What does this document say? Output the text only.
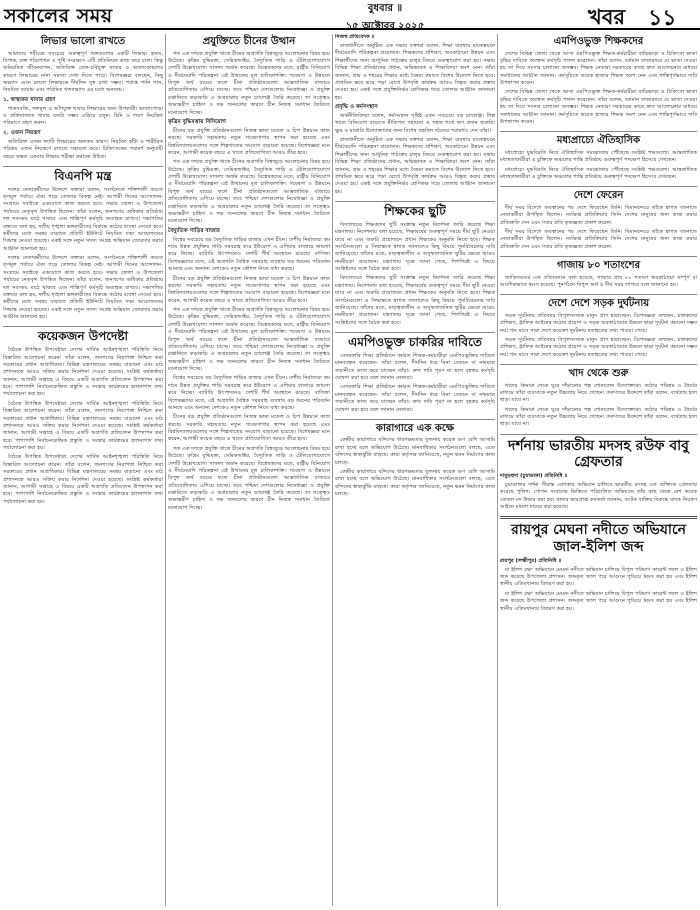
সকালের সময়	বুধবার ॥
১৫ অক্টোবর ২০২৫	খবর ১১
লিভার ভালো রাখতে

আমাদের শরীরের সবচেয়ে গুরুত্বপূর্ণ অঙ্গগুলোর একটি লিভার। হজম, বিপাক, রক্ত পরিশোধন ও পুষ্টি সংরক্ষণে এটি প্রতিনিয়ত কাজ করে চলে। কিন্তু অনিয়মিত জীবনযাপন, অতিরিক্ত তেল-চর্বিযুক্ত খাবার ও অ্যালকোহলের কারণে লিভারের নানা সমস্যা দেখা দিতে পারে। বিশেষজ্ঞরা বলছেন, কিছু অভ্যাস মেনে চললে লিভারকে দীর্ঘদিন সুস্থ রাখা সম্ভব। পর্যাপ্ত পানি পান, নিয়মিত ব্যায়াম এবং পরিমিত খাদ্যাভ্যাস এর মধ্যে অন্যতম।

১. স্বাস্থ্যকর খাবার গ্রহণ

শাকসবজি, ফলমূল ও আঁশযুক্ত খাবার লিভারের জন্য উপকারী। ভাজাপোড়া ও প্রক্রিয়াজাত খাবার যতটা সম্ভব এড়িয়ে চলুন। চিনি ও লবণ নিয়ন্ত্রিত পরিমাণে গ্রহণ করুন।

২. ওজন নিয়ন্ত্রণ

অতিরিক্ত ওজন ফ্যাটি লিভারের অন্যতম কারণ। নিয়মিত হাঁটা ও শারীরিক পরিশ্রম ওজন নিয়ন্ত্রণে রাখতে সহায়তা করে। চিকিৎসকের পরামর্শ অনুযায়ী বছরে অন্তত একবার লিভার পরীক্ষা করানো উচিত।

বিএনপি মন্ত্র

দলের নেতাকর্মীদের উদ্দেশে বক্তারা বলেন, সংগঠনকে শক্তিশালী করতে তৃণমূল পর্যায়ে ঐক্য গড়ে তোলার বিকল্প নেই। আগামী দিনের আন্দোলন-সংগ্রামে সবাইকে একযোগে কাজ করতে হবে। সভায় জেলা ও উপজেলা পর্যায়ের নেতৃবৃন্দ উপস্থিত ছিলেন। তাঁরা বলেন, জনগণের অধিকার প্রতিষ্ঠায় দল সবসময় মাঠে থাকবে এবং শান্তিপূর্ণ কর্মসূচি অব্যাহত রাখবে। সভাপতির বক্তব্যে বলা হয়, দলীয় শৃঙ্খলা ভঙ্গকারীদের বিরুদ্ধে কঠোর ব্যবস্থা নেওয়া হবে। কর্মীদের মধ্যে সমন্বয় বাড়াতে প্রতিটি ইউনিটে নিয়মিত সভা আয়োজনের সিদ্ধান্ত নেওয়া হয়েছে। একই সঙ্গে নতুন সদস্য সংগ্রহ অভিযান জোরদার করার আহ্বান জানানো হয়।

দলের নেতাকর্মীদের উদ্দেশে বক্তারা বলেন, সংগঠনকে শক্তিশালী করতে তৃণমূল পর্যায়ে ঐক্য গড়ে তোলার বিকল্প নেই। আগামী দিনের আন্দোলন-সংগ্রামে সবাইকে একযোগে কাজ করতে হবে। সভায় জেলা ও উপজেলা পর্যায়ের নেতৃবৃন্দ উপস্থিত ছিলেন। তাঁরা বলেন, জনগণের অধিকার প্রতিষ্ঠায় দল সবসময় মাঠে থাকবে এবং শান্তিপূর্ণ কর্মসূচি অব্যাহত রাখবে। সভাপতির বক্তব্যে বলা হয়, দলীয় শৃঙ্খলা ভঙ্গকারীদের বিরুদ্ধে কঠোর ব্যবস্থা নেওয়া হবে। কর্মীদের মধ্যে সমন্বয় বাড়াতে প্রতিটি ইউনিটে নিয়মিত সভা আয়োজনের সিদ্ধান্ত নেওয়া হয়েছে। একই সঙ্গে নতুন সদস্য সংগ্রহ অভিযান জোরদার করার আহ্বান জানানো হয়।

কয়েকজন উপদেষ্টা

বৈঠকে উপস্থিত উপদেষ্টারা দেশের সার্বিক আইনশৃঙ্খলা পরিস্থিতি নিয়ে বিস্তারিত আলোচনা করেন। তাঁরা বলেন, জনগণের নিরাপত্তা নিশ্চিত করা সরকারের প্রধান অগ্রাধিকার। বিভিন্ন মন্ত্রণালয়ের সমন্বয় বাড়ানো এবং মাঠ প্রশাসনকে আরও সক্রিয় করার নির্দেশনা দেওয়া হয়েছে। সংশ্লিষ্ট কর্মকর্তারা জানান, আগামী সপ্তাহে এ বিষয়ে একটি অগ্রগতি প্রতিবেদন উপস্থাপন করা হবে। পাশাপাশি নির্বাচনকেন্দ্রিক প্রস্তুতি ও সংস্কার কার্যক্রমের হালনাগাদ তথ্য পর্যালোচনা করা হয়।

বৈঠকে উপস্থিত উপদেষ্টারা দেশের সার্বিক আইনশৃঙ্খলা পরিস্থিতি নিয়ে বিস্তারিত আলোচনা করেন। তাঁরা বলেন, জনগণের নিরাপত্তা নিশ্চিত করা সরকারের প্রধান অগ্রাধিকার। বিভিন্ন মন্ত্রণালয়ের সমন্বয় বাড়ানো এবং মাঠ প্রশাসনকে আরও সক্রিয় করার নির্দেশনা দেওয়া হয়েছে। সংশ্লিষ্ট কর্মকর্তারা জানান, আগামী সপ্তাহে এ বিষয়ে একটি অগ্রগতি প্রতিবেদন উপস্থাপন করা হবে। পাশাপাশি নির্বাচনকেন্দ্রিক প্রস্তুতি ও সংস্কার কার্যক্রমের হালনাগাদ তথ্য পর্যালোচনা করা হয়।

বৈঠকে উপস্থিত উপদেষ্টারা দেশের সার্বিক আইনশৃঙ্খলা পরিস্থিতি নিয়ে বিস্তারিত আলোচনা করেন। তাঁরা বলেন, জনগণের নিরাপত্তা নিশ্চিত করা সরকারের প্রধান অগ্রাধিকার। বিভিন্ন মন্ত্রণালয়ের সমন্বয় বাড়ানো এবং মাঠ প্রশাসনকে আরও সক্রিয় করার নির্দেশনা দেওয়া হয়েছে। সংশ্লিষ্ট কর্মকর্তারা জানান, আগামী সপ্তাহে এ বিষয়ে একটি অগ্রগতি প্রতিবেদন উপস্থাপন করা হবে। পাশাপাশি নির্বাচনকেন্দ্রিক প্রস্তুতি ও সংস্কার কার্যক্রমের হালনাগাদ তথ্য পর্যালোচনা করা হয়।

প্রযুক্তিতে চীনের উত্থান

গত এক দশকে প্রযুক্তি খাতে চীনের অগ্রগতি বিশ্বজুড়ে আলোচনার বিষয় হয়ে উঠেছে। কৃত্রিম বুদ্ধিমত্তা, সেমিকন্ডাক্টর, বৈদ্যুতিক গাড়ি ও টেলিযোগাযোগে দেশটি উল্লেখযোগ্য সাফল্য অর্জন করেছে। বিশ্লেষকদের মতে, রাষ্ট্রীয় বিনিয়োগ ও দীর্ঘমেয়াদি পরিকল্পনা এই উত্থানের মূল চালিকাশক্তি। গবেষণা ও উন্নয়নে বিপুল অর্থ ব্যয়ের ফলে চীনা প্রতিষ্ঠানগুলো আন্তর্জাতিক বাজারে প্রতিযোগিতায় এগিয়ে যাচ্ছে। তবে পশ্চিমা দেশগুলোর নিষেধাজ্ঞা ও প্রযুক্তি রপ্তানিতে কড়াকড়ি এ অগ্রযাত্রায় নতুন চ্যালেঞ্জ তৈরি করেছে। তা সত্ত্বেও অভ্যন্তরীণ চাহিদা ও দক্ষ জনবলের কারণে চীন নিজস্ব সমাধান তৈরিতে মনোযোগ দিচ্ছে।

কৃত্রিম বুদ্ধিমত্তায় বিনিয়োগ

চীনের বড় প্রযুক্তি প্রতিষ্ঠানগুলো নিজস্ব ভাষা মডেল ও চিপ উন্নয়নে কাজ করছে। সরকারি সহায়তায় নতুন গবেষণাগার স্থাপন করা হয়েছে এবং বিশ্ববিদ্যালয়গুলোর সঙ্গে শিল্পখাতের সংযোগ বাড়ানো হয়েছে। বিশেষজ্ঞরা মনে করেন, আগামী কয়েক বছরে এ খাতে প্রতিযোগিতা আরও তীব্র হবে।

গত এক দশকে প্রযুক্তি খাতে চীনের অগ্রগতি বিশ্বজুড়ে আলোচনার বিষয় হয়ে উঠেছে। কৃত্রিম বুদ্ধিমত্তা, সেমিকন্ডাক্টর, বৈদ্যুতিক গাড়ি ও টেলিযোগাযোগে দেশটি উল্লেখযোগ্য সাফল্য অর্জন করেছে। বিশ্লেষকদের মতে, রাষ্ট্রীয় বিনিয়োগ ও দীর্ঘমেয়াদি পরিকল্পনা এই উত্থানের মূল চালিকাশক্তি। গবেষণা ও উন্নয়নে বিপুল অর্থ ব্যয়ের ফলে চীনা প্রতিষ্ঠানগুলো আন্তর্জাতিক বাজারে প্রতিযোগিতায় এগিয়ে যাচ্ছে। তবে পশ্চিমা দেশগুলোর নিষেধাজ্ঞা ও প্রযুক্তি রপ্তানিতে কড়াকড়ি এ অগ্রযাত্রায় নতুন চ্যালেঞ্জ তৈরি করেছে। তা সত্ত্বেও অভ্যন্তরীণ চাহিদা ও দক্ষ জনবলের কারণে চীন নিজস্ব সমাধান তৈরিতে মনোযোগ দিচ্ছে।

বৈদ্যুতিক গাড়ির বাজার

বিশ্বের সবচেয়ে বড় বৈদ্যুতিক গাড়ির বাজার এখন চীনে। দেশীয় নির্মাতারা কম দামে উন্নত প্রযুক্তির গাড়ি সরবরাহ করে ইউরোপ ও এশিয়ার বাজারে জায়গা করে নিচ্ছে। ব্যাটারি উৎপাদনেও দেশটি শীর্ষ অবস্থানে রয়েছে। বাণিজ্য বিশেষজ্ঞদের মতে, এই অগ্রগতি বৈশ্বিক সরবরাহ ব্যবস্থায় বড় ধরনের পরিবর্তন আনছে এবং অন্যান্য দেশকেও নতুন কৌশল নিতে বাধ্য করছে।

চীনের বড় প্রযুক্তি প্রতিষ্ঠানগুলো নিজস্ব ভাষা মডেল ও চিপ উন্নয়নে কাজ করছে। সরকারি সহায়তায় নতুন গবেষণাগার স্থাপন করা হয়েছে এবং বিশ্ববিদ্যালয়গুলোর সঙ্গে শিল্পখাতের সংযোগ বাড়ানো হয়েছে। বিশেষজ্ঞরা মনে করেন, আগামী কয়েক বছরে এ খাতে প্রতিযোগিতা আরও তীব্র হবে।

গত এক দশকে প্রযুক্তি খাতে চীনের অগ্রগতি বিশ্বজুড়ে আলোচনার বিষয় হয়ে উঠেছে। কৃত্রিম বুদ্ধিমত্তা, সেমিকন্ডাক্টর, বৈদ্যুতিক গাড়ি ও টেলিযোগাযোগে দেশটি উল্লেখযোগ্য সাফল্য অর্জন করেছে। বিশ্লেষকদের মতে, রাষ্ট্রীয় বিনিয়োগ ও দীর্ঘমেয়াদি পরিকল্পনা এই উত্থানের মূল চালিকাশক্তি। গবেষণা ও উন্নয়নে বিপুল অর্থ ব্যয়ের ফলে চীনা প্রতিষ্ঠানগুলো আন্তর্জাতিক বাজারে প্রতিযোগিতায় এগিয়ে যাচ্ছে। তবে পশ্চিমা দেশগুলোর নিষেধাজ্ঞা ও প্রযুক্তি রপ্তানিতে কড়াকড়ি এ অগ্রযাত্রায় নতুন চ্যালেঞ্জ তৈরি করেছে। তা সত্ত্বেও অভ্যন্তরীণ চাহিদা ও দক্ষ জনবলের কারণে চীন নিজস্ব সমাধান তৈরিতে মনোযোগ দিচ্ছে।

বিশ্বের সবচেয়ে বড় বৈদ্যুতিক গাড়ির বাজার এখন চীনে। দেশীয় নির্মাতারা কম দামে উন্নত প্রযুক্তির গাড়ি সরবরাহ করে ইউরোপ ও এশিয়ার বাজারে জায়গা করে নিচ্ছে। ব্যাটারি উৎপাদনেও দেশটি শীর্ষ অবস্থানে রয়েছে। বাণিজ্য বিশেষজ্ঞদের মতে, এই অগ্রগতি বৈশ্বিক সরবরাহ ব্যবস্থায় বড় ধরনের পরিবর্তন আনছে এবং অন্যান্য দেশকেও নতুন কৌশল নিতে বাধ্য করছে।

চীনের বড় প্রযুক্তি প্রতিষ্ঠানগুলো নিজস্ব ভাষা মডেল ও চিপ উন্নয়নে কাজ করছে। সরকারি সহায়তায় নতুন গবেষণাগার স্থাপন করা হয়েছে এবং বিশ্ববিদ্যালয়গুলোর সঙ্গে শিল্পখাতের সংযোগ বাড়ানো হয়েছে। বিশেষজ্ঞরা মনে করেন, আগামী কয়েক বছরে এ খাতে প্রতিযোগিতা আরও তীব্র হবে।

গত এক দশকে প্রযুক্তি খাতে চীনের অগ্রগতি বিশ্বজুড়ে আলোচনার বিষয় হয়ে উঠেছে। কৃত্রিম বুদ্ধিমত্তা, সেমিকন্ডাক্টর, বৈদ্যুতিক গাড়ি ও টেলিযোগাযোগে দেশটি উল্লেখযোগ্য সাফল্য অর্জন করেছে। বিশ্লেষকদের মতে, রাষ্ট্রীয় বিনিয়োগ ও দীর্ঘমেয়াদি পরিকল্পনা এই উত্থানের মূল চালিকাশক্তি। গবেষণা ও উন্নয়নে বিপুল অর্থ ব্যয়ের ফলে চীনা প্রতিষ্ঠানগুলো আন্তর্জাতিক বাজারে প্রতিযোগিতায় এগিয়ে যাচ্ছে। তবে পশ্চিমা দেশগুলোর নিষেধাজ্ঞা ও প্রযুক্তি রপ্তানিতে কড়াকড়ি এ অগ্রযাত্রায় নতুন চ্যালেঞ্জ তৈরি করেছে। তা সত্ত্বেও অভ্যন্তরীণ চাহিদা ও দক্ষ জনবলের কারণে চীন নিজস্ব সমাধান তৈরিতে মনোযোগ দিচ্ছে।

নিজস্ব প্রতিবেদক ॥

রাজধানীতে অনুষ্ঠিত এক সভায় বক্তারা বলেন, শিক্ষা ব্যবস্থার মানোন্নয়নে দীর্ঘমেয়াদি পরিকল্পনা প্রয়োজন। শিক্ষকদের প্রশিক্ষণ, অবকাঠামো উন্নয়ন এবং শিক্ষার্থীদের জন্য আধুনিক পাঠ্যক্রম চালুর বিষয়ে গুরুত্বারোপ করা হয়। সভায় বিভিন্ন শিক্ষা প্রতিষ্ঠানের প্রধান, অভিভাবক ও শিক্ষাবিদরা অংশ নেন। তাঁরা জানান, গ্রাম ও শহরের শিক্ষার মধ্যে বৈষম্য কমাতে বিশেষ উদ্যোগ নিতে হবে। প্রাথমিক স্তরে ঝরে পড়া রোধে উপবৃত্তি কার্যক্রম আরও বিস্তৃত করার প্রস্তাব দেওয়া হয়। একই সঙ্গে প্রযুক্তিনির্ভর শ্রেণিকক্ষ গড়ে তোলার আহ্বান জানানো হয়।

প্রবৃদ্ধি ও কর্মসংস্থান

অর্থনীতিবিদরা বলেন, কর্মসংস্থান সৃষ্টিই এখন সবচেয়ে বড় চ্যালেঞ্জ। শিল্প খাতে বিনিয়োগ বাড়াতে নীতিগত সহায়তা ও সহজ শর্তে ঋণ প্রদান জরুরি। ক্ষুদ্র ও মাঝারি উদ্যোক্তাদের জন্য বিশেষ তহবিল গঠনের পরামর্শও দেন তাঁরা।

রাজধানীতে অনুষ্ঠিত এক সভায় বক্তারা বলেন, শিক্ষা ব্যবস্থার মানোন্নয়নে দীর্ঘমেয়াদি পরিকল্পনা প্রয়োজন। শিক্ষকদের প্রশিক্ষণ, অবকাঠামো উন্নয়ন এবং শিক্ষার্থীদের জন্য আধুনিক পাঠ্যক্রম চালুর বিষয়ে গুরুত্বারোপ করা হয়। সভায় বিভিন্ন শিক্ষা প্রতিষ্ঠানের প্রধান, অভিভাবক ও শিক্ষাবিদরা অংশ নেন। তাঁরা জানান, গ্রাম ও শহরের শিক্ষার মধ্যে বৈষম্য কমাতে বিশেষ উদ্যোগ নিতে হবে। প্রাথমিক স্তরে ঝরে পড়া রোধে উপবৃত্তি কার্যক্রম আরও বিস্তৃত করার প্রস্তাব দেওয়া হয়। একই সঙ্গে প্রযুক্তিনির্ভর শ্রেণিকক্ষ গড়ে তোলার আহ্বান জানানো হয়।

শিক্ষকের ছুটি

বিদ্যালয়ের শিক্ষকদের ছুটি সংক্রান্ত নতুন নির্দেশনা জারি করেছে শিক্ষা মন্ত্রণালয়। নির্দেশনায় বলা হয়েছে, শিক্ষাবর্ষের গুরুত্বপূর্ণ সময়ে দীর্ঘ ছুটি নেওয়া যাবে না এবং জরুরি প্রয়োজনে প্রধান শিক্ষকের অনুমতি নিতে হবে। শিক্ষক সংগঠনগুলো এ সিদ্ধান্তকে স্বাগত জানালেও কিছু বিষয়ে পুনর্বিবেচনার দাবি জানিয়েছে। তাঁদের মতে, মাতৃত্বকালীন ও অসুস্থতাজনিত ছুটির ক্ষেত্রে আরও নমনীয়তা প্রয়োজন। মন্ত্রণালয় সূত্রে জানা গেছে, শিগগিরই এ বিষয়ে সংশ্লিষ্টদের সঙ্গে বৈঠক করা হবে।

বিদ্যালয়ের শিক্ষকদের ছুটি সংক্রান্ত নতুন নির্দেশনা জারি করেছে শিক্ষা মন্ত্রণালয়। নির্দেশনায় বলা হয়েছে, শিক্ষাবর্ষের গুরুত্বপূর্ণ সময়ে দীর্ঘ ছুটি নেওয়া যাবে না এবং জরুরি প্রয়োজনে প্রধান শিক্ষকের অনুমতি নিতে হবে। শিক্ষক সংগঠনগুলো এ সিদ্ধান্তকে স্বাগত জানালেও কিছু বিষয়ে পুনর্বিবেচনার দাবি জানিয়েছে। তাঁদের মতে, মাতৃত্বকালীন ও অসুস্থতাজনিত ছুটির ক্ষেত্রে আরও নমনীয়তা প্রয়োজন। মন্ত্রণালয় সূত্রে জানা গেছে, শিগগিরই এ বিষয়ে সংশ্লিষ্টদের সঙ্গে বৈঠক করা হবে।

এমপিওভুক্ত চাকরির দাবিতে

বেসরকারি শিক্ষা প্রতিষ্ঠানে কর্মরত শিক্ষক-কর্মচারীরা এমপিওভুক্তির দাবিতে মানববন্ধন করেছেন। তাঁরা বলেন, দীর্ঘদিন ধরে বিনা বেতনে বা নামমাত্র সম্মানীতে কাজ করে যাচ্ছেন তাঁরা। দ্রুত দাবি পূরণ না হলে বৃহত্তর কর্মসূচি ঘোষণা করা হবে বলে জানান নেতারা।

বেসরকারি শিক্ষা প্রতিষ্ঠানে কর্মরত শিক্ষক-কর্মচারীরা এমপিওভুক্তির দাবিতে মানববন্ধন করেছেন। তাঁরা বলেন, দীর্ঘদিন ধরে বিনা বেতনে বা নামমাত্র সম্মানীতে কাজ করে যাচ্ছেন তাঁরা। দ্রুত দাবি পূরণ না হলে বৃহত্তর কর্মসূচি ঘোষণা করা হবে বলে জানান নেতারা।

কারাগারে এক কক্ষে

কেন্দ্রীয় কারাগারে বন্দিদের ধারণক্ষমতার তুলনায় কয়েক গুণ বেশি আসামি রাখা হচ্ছে বলে অভিযোগ উঠেছে। মানবাধিকার সংগঠনগুলো বলছে, এতে বন্দিদের স্বাস্থ্যঝুঁকি বাড়ছে। কারা কর্তৃপক্ষ জানিয়েছে, নতুন ভবন নির্মাণের কাজ চলছে।

কেন্দ্রীয় কারাগারে বন্দিদের ধারণক্ষমতার তুলনায় কয়েক গুণ বেশি আসামি রাখা হচ্ছে বলে অভিযোগ উঠেছে। মানবাধিকার সংগঠনগুলো বলছে, এতে বন্দিদের স্বাস্থ্যঝুঁকি বাড়ছে। কারা কর্তৃপক্ষ জানিয়েছে, নতুন ভবন নির্মাণের কাজ চলছে।

এমপিওভুক্ত শিক্ষকদের

দেশের বিভিন্ন জেলা থেকে আসা এমপিওভুক্ত শিক্ষক-কর্মচারীরা বাড়িভাড়া ও চিকিৎসা ভাতা বৃদ্ধির দাবিতে অবস্থান কর্মসূচি পালন করেছেন। তাঁরা বলেন, বর্তমান বাজারদরে যে ভাতা দেওয়া হয় তা দিয়ে সংসার চালানো অসম্ভব। শিক্ষক নেতারা সরকারের কাছে দ্রুত আলোচনার মাধ্যমে সমাধানের আহ্বান জানান। কর্মসূচিতে কয়েক হাজার শিক্ষক অংশ নেন এবং শান্তিপূর্ণভাবে দাবি উপস্থাপন করেন।

দেশের বিভিন্ন জেলা থেকে আসা এমপিওভুক্ত শিক্ষক-কর্মচারীরা বাড়িভাড়া ও চিকিৎসা ভাতা বৃদ্ধির দাবিতে অবস্থান কর্মসূচি পালন করেছেন। তাঁরা বলেন, বর্তমান বাজারদরে যে ভাতা দেওয়া হয় তা দিয়ে সংসার চালানো অসম্ভব। শিক্ষক নেতারা সরকারের কাছে দ্রুত আলোচনার মাধ্যমে সমাধানের আহ্বান জানান। কর্মসূচিতে কয়েক হাজার শিক্ষক অংশ নেন এবং শান্তিপূর্ণভাবে দাবি উপস্থাপন করেন।

মধ্যপ্রাচ্যে ঐতিহাসিক

মধ্যপ্রাচ্যে যুদ্ধবিরতি নিয়ে ঐতিহাসিক সমঝোতায় পৌঁছেছে সংশ্লিষ্ট পক্ষগুলো। আন্তর্জাতিক মধ্যস্থতাকারীরা এ চুক্তিকে অঞ্চলের শান্তি প্রতিষ্ঠায় গুরুত্বপূর্ণ পদক্ষেপ হিসেবে দেখছেন।

মধ্যপ্রাচ্যে যুদ্ধবিরতি নিয়ে ঐতিহাসিক সমঝোতায় পৌঁছেছে সংশ্লিষ্ট পক্ষগুলো। আন্তর্জাতিক মধ্যস্থতাকারীরা এ চুক্তিকে অঞ্চলের শান্তি প্রতিষ্ঠায় গুরুত্বপূর্ণ পদক্ষেপ হিসেবে দেখছেন।

দেশে ফেরেন

দীর্ঘ সময় বিদেশে অবস্থানের পর দেশে ফিরেছেন তিনি। বিমানবন্দরে তাঁকে স্বাগত জানাতে নেতাকর্মীরা উপস্থিত ছিলেন। সংক্ষিপ্ত প্রতিক্রিয়ায় তিনি দেশের মানুষের জন্য কাজ করার প্রতিশ্রুতি দেন এবং সবার প্রতি কৃতজ্ঞতা প্রকাশ করেন।

দীর্ঘ সময় বিদেশে অবস্থানের পর দেশে ফিরেছেন তিনি। বিমানবন্দরে তাঁকে স্বাগত জানাতে নেতাকর্মীরা উপস্থিত ছিলেন। সংক্ষিপ্ত প্রতিক্রিয়ায় তিনি দেশের মানুষের জন্য কাজ করার প্রতিশ্রুতি দেন এবং সবার প্রতি কৃতজ্ঞতা প্রকাশ করেন।

গাজায় ৮০ শতাংশের

জাতিসংঘের এক প্রতিবেদনে বলা হয়েছে, গাজার প্রায় ৮০ শতাংশ অবকাঠামো সম্পূর্ণ বা আংশিকভাবে ধ্বংস হয়েছে। পুনর্গঠনে বিপুল অর্থ ও দীর্ঘ সময় লাগবে বলে জানানো হয়।

দেশে দেশে সড়ক দুর্ঘটনায়

সড়ক দুর্ঘটনায় প্রতিবছর বিপুলসংখ্যক মানুষ প্রাণ হারাচ্ছেন। বিশেষজ্ঞরা বলছেন, চালকদের প্রশিক্ষণ, ট্রাফিক আইনের কঠোর প্রয়োগ ও সড়ক অবকাঠামোর উন্নয়ন ছাড়া দুর্ঘটনা কমানো সম্ভব নয়। গত মাসে সারা দেশে কয়েকশ দুর্ঘটনায় হতাহতের তথ্য পাওয়া গেছে।

সড়ক দুর্ঘটনায় প্রতিবছর বিপুলসংখ্যক মানুষ প্রাণ হারাচ্ছেন। বিশেষজ্ঞরা বলছেন, চালকদের প্রশিক্ষণ, ট্রাফিক আইনের কঠোর প্রয়োগ ও সড়ক অবকাঠামোর উন্নয়ন ছাড়া দুর্ঘটনা কমানো সম্ভব নয়। গত মাসে সারা দেশে কয়েকশ দুর্ঘটনায় হতাহতের তথ্য পাওয়া গেছে।

খাদ থেকে শুরু

খাদের কিনারা থেকে ঘুরে দাঁড়ানোর গল্প শোনালেন উদ্যোক্তারা। কঠোর পরিশ্রম ও ধৈর্যের মাধ্যমে তাঁরা ব্যবসাকে নতুন উচ্চতায় নিয়ে গেছেন। তরুণদের উদ্দেশে তাঁরা বলেন, ব্যর্থতায় হাল ছাড়া যাবে না।

খাদের কিনারা থেকে ঘুরে দাঁড়ানোর গল্প শোনালেন উদ্যোক্তারা। কঠোর পরিশ্রম ও ধৈর্যের মাধ্যমে তাঁরা ব্যবসাকে নতুন উচ্চতায় নিয়ে গেছেন। তরুণদের উদ্দেশে তাঁরা বলেন, ব্যর্থতায় হাল ছাড়া যাবে না।

দর্শনায় ভারতীয় মদসহ রউফ বাবু গ্রেফতার
দামুড়হুদা (চুয়াডাঙ্গা) প্রতিনিধি ॥

চুয়াডাঙ্গার দর্শনা সীমান্ত এলাকায় অভিযান চালিয়ে ভারতীয় মদসহ এক ব্যক্তিকে গ্রেফতার করেছে পুলিশ। গোপন সংবাদের ভিত্তিতে পরিচালিত অভিযানে তাঁর কাছ থেকে বেশ কয়েক বোতল মদ উদ্ধার করা হয়। থানার ভারপ্রাপ্ত কর্মকর্তা জানান, আটক ব্যক্তির বিরুদ্ধে মাদক নিয়ন্ত্রণ আইনে মামলা দায়ের করা হয়েছে।

রায়পুর মেঘনা নদীতে অভিযানে জাল-ইলিশ জব্দ
রায়পুর (লক্ষ্মীপুর) প্রতিনিধি ॥

মা ইলিশ রক্ষা অভিযানে মেঘনা নদীতে অভিযান চালিয়ে বিপুল পরিমাণ কারেন্ট জাল ও ইলিশ জব্দ করেছে উপজেলা প্রশাসন। জব্দকৃত জাল পরে আগুনে পুড়িয়ে ধ্বংস করা হয় এবং ইলিশ স্থানীয় এতিমখানায় বিতরণ করা হয়।

মা ইলিশ রক্ষা অভিযানে মেঘনা নদীতে অভিযান চালিয়ে বিপুল পরিমাণ কারেন্ট জাল ও ইলিশ জব্দ করেছে উপজেলা প্রশাসন। জব্দকৃত জাল পরে আগুনে পুড়িয়ে ধ্বংস করা হয় এবং ইলিশ স্থানীয় এতিমখানায় বিতরণ করা হয়।
